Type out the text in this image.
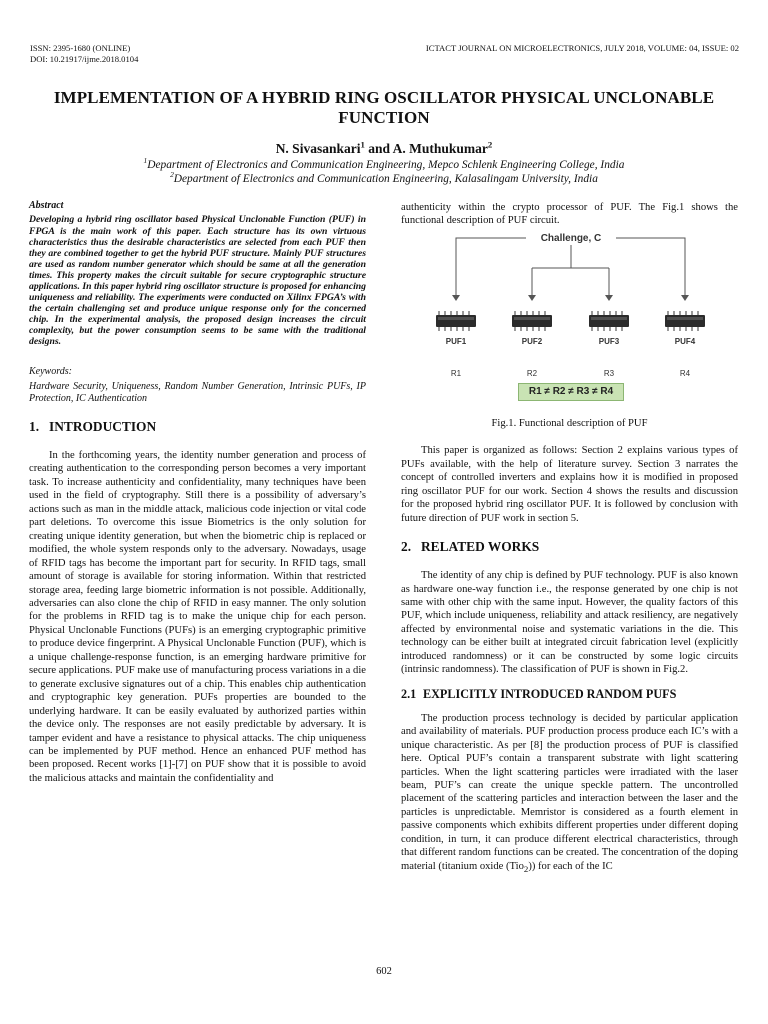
ISSN: 2395-1680 (ONLINE)
DOI: 10.21917/ijme.2018.0104
ICTACT JOURNAL ON MICROELECTRONICS, JULY 2018, VOLUME: 04, ISSUE: 02
IMPLEMENTATION OF A HYBRID RING OSCILLATOR PHYSICAL UNCLONABLE FUNCTION
N. Sivasankari$^1$ and A. Muthukumar$^2$
$^1$Department of Electronics and Communication Engineering, Mepco Schlenk Engineering College, India
$^2$Department of Electronics and Communication Engineering, Kalasalingam University, India
Abstract

Developing a hybrid ring oscillator based Physical Unclonable Function (PUF) in FPGA is the main work of this paper. Each structure has its own virtuous characteristics thus the desirable characteristics are selected from each PUF then they are combined together to get the hybrid PUF structure. Mainly PUF structures are used as random number generator which should be same at all the generation times. This property makes the circuit suitable for secure cryptographic structure applications. In this paper hybrid ring oscillator structure is proposed for enhancing uniqueness and reliability. The experiments were conducted on Xilinx FPGA’s with the certain challenging set and produce unique response only for the concerned chip. In the experimental analysis, the proposed design increases the circuit complexity, but the power consumption seems to be same with the traditional designs.

Keywords:

Hardware Security, Uniqueness, Random Number Generation, Intrinsic PUFs, IP Protection, IC Authentication

1. INTRODUCTION

In the forthcoming years, the identity number generation and process of creating authentication to the corresponding person becomes a very important task. To increase authenticity and confidentiality, many techniques have been used in the field of cryptography. Still there is a possibility of adversary’s actions such as man in the middle attack, malicious code injection or vital code part deletions. To overcome this issue Biometrics is the only solution for creating unique identity generation, but when the biometric chip is replaced or modified, the whole system responds only to the adversary. Nowadays, usage of RFID tags has become the important part for security. In RFID tags, small amount of storage is available for storing information. Within that restricted storage area, feeding large biometric information is not possible. Additionally, adversaries can also clone the chip of RFID in easy manner. The only solution for the problems in RFID tag is to make the unique chip for each person. Physical Unclonable Functions (PUFs) is an emerging cryptographic primitive to produce device fingerprint. A Physical Unclonable Function (PUF), which is a unique challenge-response function, is an emerging hardware primitive for secure applications. PUF make use of manufacturing process variations in a die to generate exclusive signatures out of a chip. This enables chip authentication and cryptographic key generation. PUFs properties are bounded to the underlying hardware. It can be easily evaluated by authorized parties within the device only. The responses are not easily predictable by adversary. It is tamper evident and have a resistance to physical attacks. The chip uniqueness can be implemented by PUF method. Hence an enhanced PUF method has been proposed. Recent works [1]-[7] on PUF show that it is possible to avoid the malicious attacks and maintain the confidentiality and

authenticity within the crypto processor of PUF. The Fig.1 shows the functional description of PUF circuit.

Challenge, C
PUF1	PUF2	PUF3	PUF4
R1	R2	R3	R4
R1 ≠ R2 ≠ R3 ≠ R4
Fig.1. Functional description of PUF

This paper is organized as follows: Section 2 explains various types of PUFs available, with the help of literature survey. Section 3 narrates the concept of controlled inverters and explains how it is modified in proposed ring oscillator PUF for our work. Section 4 shows the results and discussion for the proposed hybrid ring oscillator PUF. It is followed by conclusion with future direction of PUF work in section 5.

2. RELATED WORKS

The identity of any chip is defined by PUF technology. PUF is also known as hardware one-way function i.e., the response generated by one chip is not same with other chip with the same input. However, the quality factors of this PUF, which include uniqueness, reliability and attack resiliency, are negatively affected by environmental noise and systematic variations in the die. This technology can be either built at integrated circuit fabrication level (explicitly introduced randomness) or it can be constructed by some logic circuits (intrinsic randomness). The classification of PUF is shown in Fig.2.

2.1 EXPLICITLY INTRODUCED RANDOM PUFS

The production process technology is decided by particular application and availability of materials. PUF production process produce each IC’s with a unique characteristic. As per [8] the production process of PUF is classified here. Optical PUF’s contain a transparent substrate with light scattering particles. When the light scattering particles were irradiated with the laser beam, PUF’s can create the unique speckle pattern. The uncontrolled placement of the scattering particles and interaction between the laser and the particles is unpredictable. Memristor is considered as a fourth element in passive components which exhibits different properties under different doping condition, in turn, it can produce different electrical characteristics, through that different random functions can be created. The concentration of the doping material (titanium oxide (Tio$_2$)) for each of the IC

602
